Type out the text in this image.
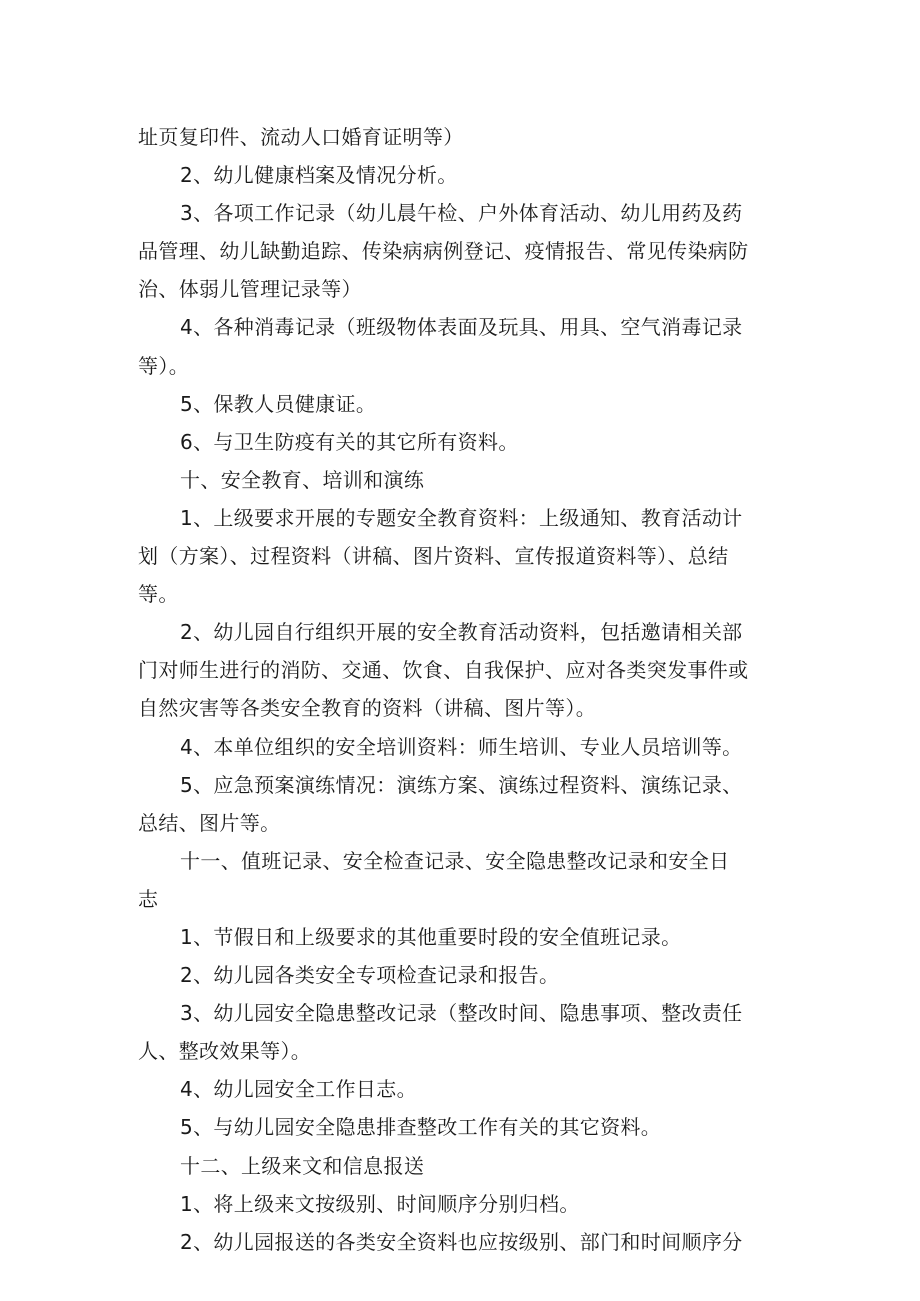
址页复印件、流动人口婚育证明等）
2、幼儿健康档案及情况分析。
3、各项工作记录（幼儿晨午检、户外体育活动、幼儿用药及药
品管理、幼儿缺勤追踪、传染病病例登记、疫情报告、常见传染病防
治、体弱儿管理记录等）
4、各种消毒记录（班级物体表面及玩具、用具、空气消毒记录
等）。
5、保教人员健康证。
6、与卫生防疫有关的其它所有资料。
十、安全教育、培训和演练
1、上级要求开展的专题安全教育资料：上级通知、教育活动计
划（方案）、过程资料（讲稿、图片资料、宣传报道资料等）、总结
等。
2、幼儿园自行组织开展的安全教育活动资料，包括邀请相关部
门对师生进行的消防、交通、饮食、自我保护、应对各类突发事件或
自然灾害等各类安全教育的资料（讲稿、图片等）。
4、本单位组织的安全培训资料：师生培训、专业人员培训等。
5、应急预案演练情况：演练方案、演练过程资料、演练记录、
总结、图片等。
十一、值班记录、安全检查记录、安全隐患整改记录和安全日
志
1、节假日和上级要求的其他重要时段的安全值班记录。
2、幼儿园各类安全专项检查记录和报告。
3、幼儿园安全隐患整改记录（整改时间、隐患事项、整改责任
人、整改效果等）。
4、幼儿园安全工作日志。
5、与幼儿园安全隐患排查整改工作有关的其它资料。
十二、上级来文和信息报送
1、将上级来文按级别、时间顺序分别归档。
2、幼儿园报送的各类安全资料也应按级别、部门和时间顺序分
